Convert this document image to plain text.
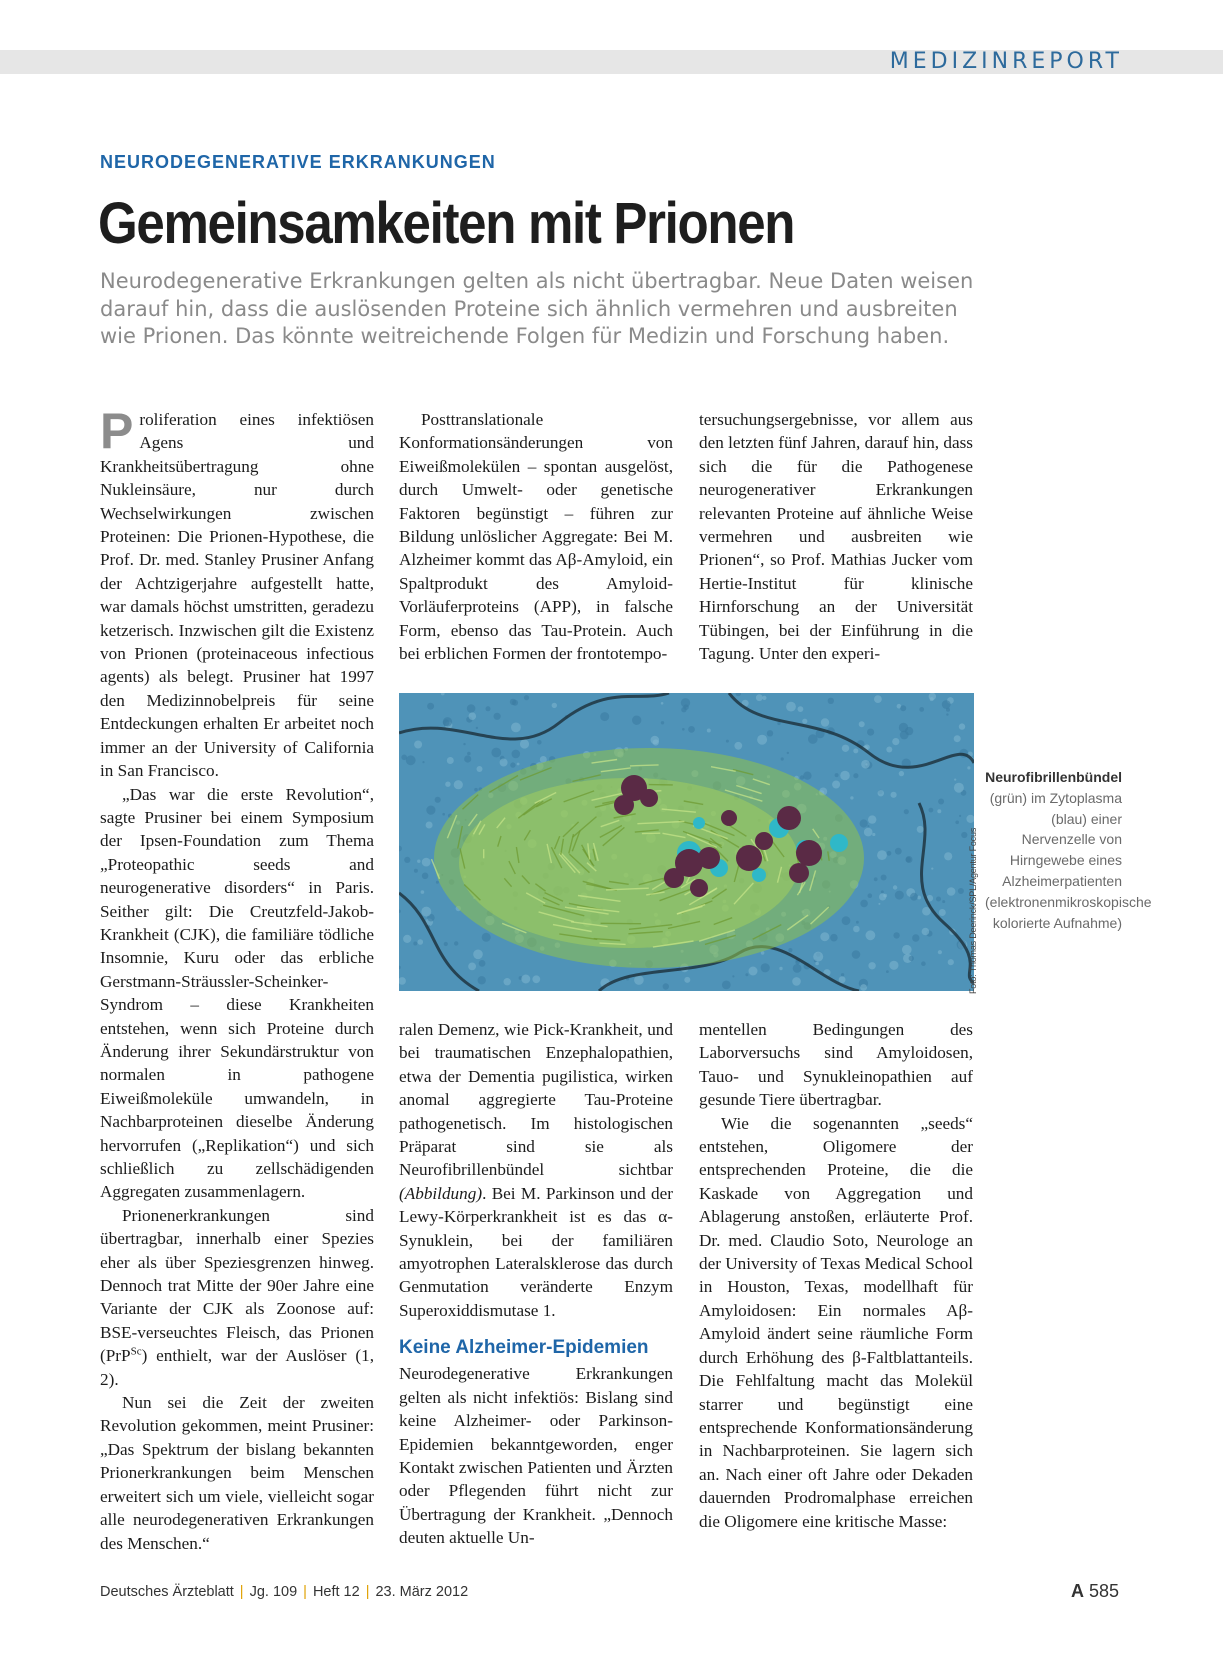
MEDIZINREPORT
NEURODEGENERATIVE ERKRANKUNGEN
Gemeinsamkeiten mit Prionen

Neurodegenerative Erkrankungen gelten als nicht übertragbar. Neue Daten weisen darauf hin, dass die auslösenden Proteine sich ähnlich vermehren und ausbreiten wie Prionen. Das könnte weitreichende Folgen für Medizin und Forschung haben.

Proliferation eines infektiösen Agens und Krankheitsübertragung ohne Nukleinsäure, nur durch Wechselwirkungen zwischen Proteinen: Die Prionen-Hypothese, die Prof. Dr. med. Stanley Prusiner Anfang der Achtzigerjahre aufgestellt hatte, war damals höchst umstritten, geradezu ketzerisch. Inzwischen gilt die Existenz von Prionen (proteinaceous infectious agents) als belegt. Prusiner hat 1997 den Medizinnobelpreis für seine Entdeckungen erhalten Er arbeitet noch immer an der University of California in San Francisco.

„Das war die erste Revolution“, sagte Prusiner bei einem Symposium der Ipsen-Foundation zum Thema „Proteopathic seeds and neurogenerative disorders“ in Paris. Seither gilt: Die Creutzfeld-Jakob-Krankheit (CJK), die familiäre tödliche Insomnie, Kuru oder das erbliche Gerstmann-Sträussler-Scheinker-Syndrom – diese Krankheiten entstehen, wenn sich Proteine durch Änderung ihrer Sekundärstruktur von normalen in pathogene Eiweißmoleküle umwandeln, in Nachbarproteinen dieselbe Änderung hervorrufen („Replikation“) und sich schließlich zu zellschädigenden Aggregaten zusammenlagern.

Prionenerkrankungen sind übertragbar, innerhalb einer Spezies eher als über Speziesgrenzen hinweg. Dennoch trat Mitte der 90er Jahre eine Variante der CJK als Zoonose auf: BSE-verseuchtes Fleisch, das Prionen (PrP$^{Sc}$) enthielt, war der Auslöser (1, 2).

Nun sei die Zeit der zweiten Revolution gekommen, meint Prusiner: „Das Spektrum der bislang bekannten Prionerkrankungen beim Menschen erweitert sich um viele, vielleicht sogar alle neurodegenerativen Erkrankungen des Menschen.“

Posttranslationale Konformationsänderungen von Eiweißmolekülen – spontan ausgelöst, durch Umwelt- oder genetische Faktoren begünstigt – führen zur Bildung unlöslicher Aggregate: Bei M. Alzheimer kommt das Aβ-Amyloid, ein Spaltprodukt des Amyloid-Vorläuferproteins (APP), in falsche Form, ebenso das Tau-Protein. Auch bei erblichen Formen der frontotempo-

tersuchungsergebnisse, vor allem aus den letzten fünf Jahren, darauf hin, dass sich die für die Pathogenese neurogenerativer Erkrankungen relevanten Proteine auf ähnliche Weise vermehren und ausbreiten wie Prionen“, so Prof. Mathias Jucker vom Hertie-Institut für klinische Hirnforschung an der Universität Tübingen, bei der Einführung in die Tagung. Unter den experi-

Foto: Thomas Deerinck/SPL/Agentur Focus
Neurofibrillenbündel (grün) im Zytoplasma (blau) einer Nervenzelle von Hirngewebe eines Alzheimerpatienten (elektronenmikroskopische kolorierte Aufnahme)

ralen Demenz, wie Pick-Krankheit, und bei traumatischen Enzephalopathien, etwa der Dementia pugilistica, wirken anomal aggregierte Tau-Proteine pathogenetisch. Im histologischen Präparat sind sie als Neurofibrillenbündel sichtbar (Abbildung). Bei M. Parkinson und der Lewy-Körperkrankheit ist es das α-Synuklein, bei der familiären amyotrophen Lateralsklerose das durch Genmutation veränderte Enzym Superoxiddismutase 1.

Keine Alzheimer-Epidemien

Neurodegenerative Erkrankungen gelten als nicht infektiös: Bislang sind keine Alzheimer- oder Parkinson-Epidemien bekanntgeworden, enger Kontakt zwischen Patienten und Ärzten oder Pflegenden führt nicht zur Übertragung der Krankheit. „Dennoch deuten aktuelle Un-

mentellen Bedingungen des Laborversuchs sind Amyloidosen, Tauo- und Synukleinopathien auf gesunde Tiere übertragbar.

Wie die sogenannten „seeds“ entstehen, Oligomere der entsprechenden Proteine, die die Kaskade von Aggregation und Ablagerung anstoßen, erläuterte Prof. Dr. med. Claudio Soto, Neurologe an der University of Texas Medical School in Houston, Texas, modellhaft für Amyloidosen: Ein normales Aβ-Amyloid ändert seine räumliche Form durch Erhöhung des β-Faltblattanteils. Die Fehlfaltung macht das Molekül starrer und begünstigt eine entsprechende Konformationsänderung in Nachbarproteinen. Sie lagern sich an. Nach einer oft Jahre oder Dekaden dauernden Prodromalphase erreichen die Oligomere eine kritische Masse:

Deutsches Ärzteblatt | Jg. 109 | Heft 12 | 23. März 2012	A 585
